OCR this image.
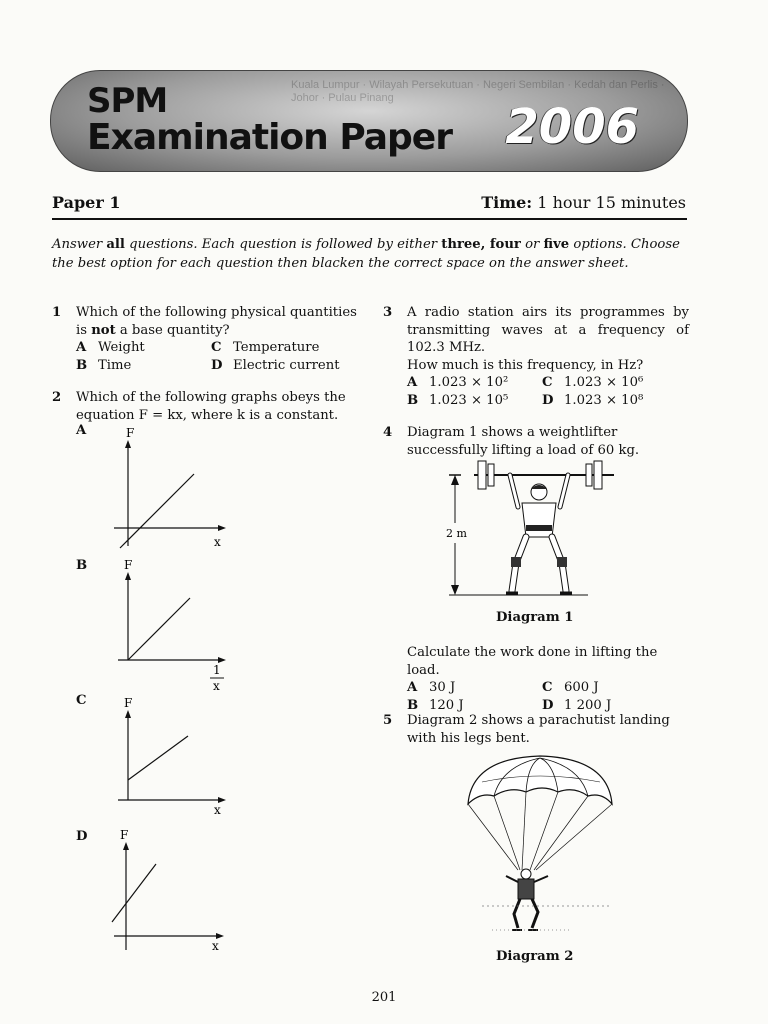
Kuala Lumpur · Wilayah Persekutuan · Negeri Sembilan · Kedah dan Perlis · Johor · Pulau Pinang
SPM
Examination Paper 2006
Paper 1	Time: 1 hour 15 minutes
Answer all questions. Each question is followed by either three, four or five options. Choose the best option for each question then blacken the correct space on the answer sheet.
1 Which of the following physical quantities is not a base quantity?
A Weight	C Temperature
B Time	D Electric current
2 Which of the following graphs obeys the equation F = kx, where k is a constant.
A	F
x
B	F
1
x
C	F
x
D	F
x
3 A radio station airs its programmes by transmitting waves at a frequency of 102.3 MHz.
How much is this frequency, in Hz?
A 1.023 × 10²	C 1.023 × 10⁶
B 1.023 × 10⁵	D 1.023 × 10⁸
4 Diagram 1 shows a weightlifter successfully lifting a load of 60 kg.
2 m
Diagram 1
Calculate the work done in lifting the load.
A 30 J	C 600 J
B 120 J	D 1 200 J
5 Diagram 2 shows a parachutist landing with his legs bent.
Diagram 2
201
